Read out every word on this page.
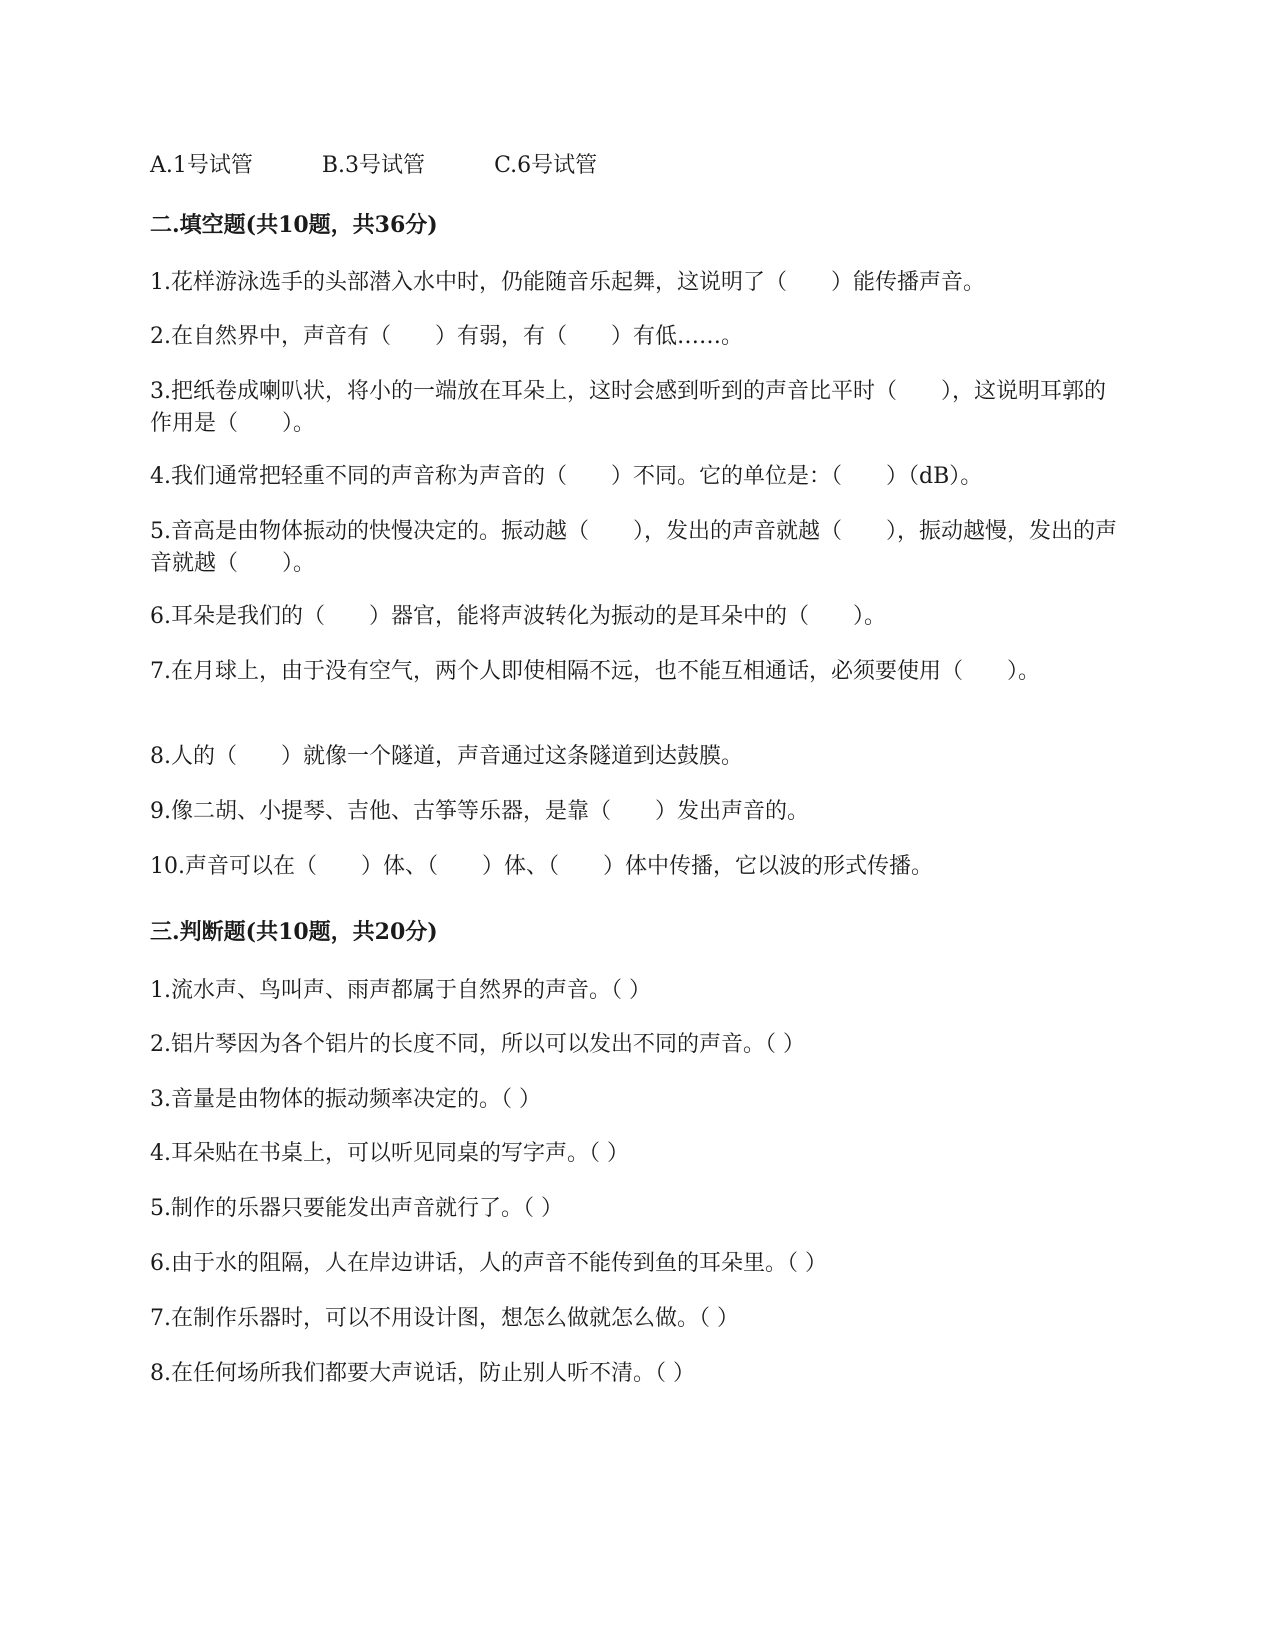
A.1号试管	B.3号试管	C.6号试管
二.填空题(共10题，共36分)
1.花样游泳选手的头部潜入水中时，仍能随音乐起舞，这说明了（　　）能传播声音。
2.在自然界中，声音有（　　）有弱，有（　　）有低……。
3.把纸卷成喇叭状，将小的一端放在耳朵上，这时会感到听到的声音比平时（　　），这说明耳郭的作用是（　　）。
4.我们通常把轻重不同的声音称为声音的（　　）不同。它的单位是：（　　）（dB）。
5.音高是由物体振动的快慢决定的。振动越（　　），发出的声音就越（　　），振动越慢，发出的声音就越（　　）。
6.耳朵是我们的（　　）器官，能将声波转化为振动的是耳朵中的（　　）。
7.在月球上，由于没有空气，两个人即使相隔不远，也不能互相通话，必须要使用（　　）。
8.人的（　　）就像一个隧道，声音通过这条隧道到达鼓膜。
9.像二胡、小提琴、吉他、古筝等乐器，是靠（　　）发出声音的。
10.声音可以在（　　）体、（　　）体、（　　）体中传播，它以波的形式传播。
三.判断题(共10题，共20分)
1.流水声、鸟叫声、雨声都属于自然界的声音。（ ）
2.铝片琴因为各个铝片的长度不同，所以可以发出不同的声音。（ ）
3.音量是由物体的振动频率决定的。（ ）
4.耳朵贴在书桌上，可以听见同桌的写字声。（ ）
5.制作的乐器只要能发出声音就行了。（ ）
6.由于水的阻隔，人在岸边讲话，人的声音不能传到鱼的耳朵里。（ ）
7.在制作乐器时，可以不用设计图，想怎么做就怎么做。（ ）
8.在任何场所我们都要大声说话，防止别人听不清。（ ）
